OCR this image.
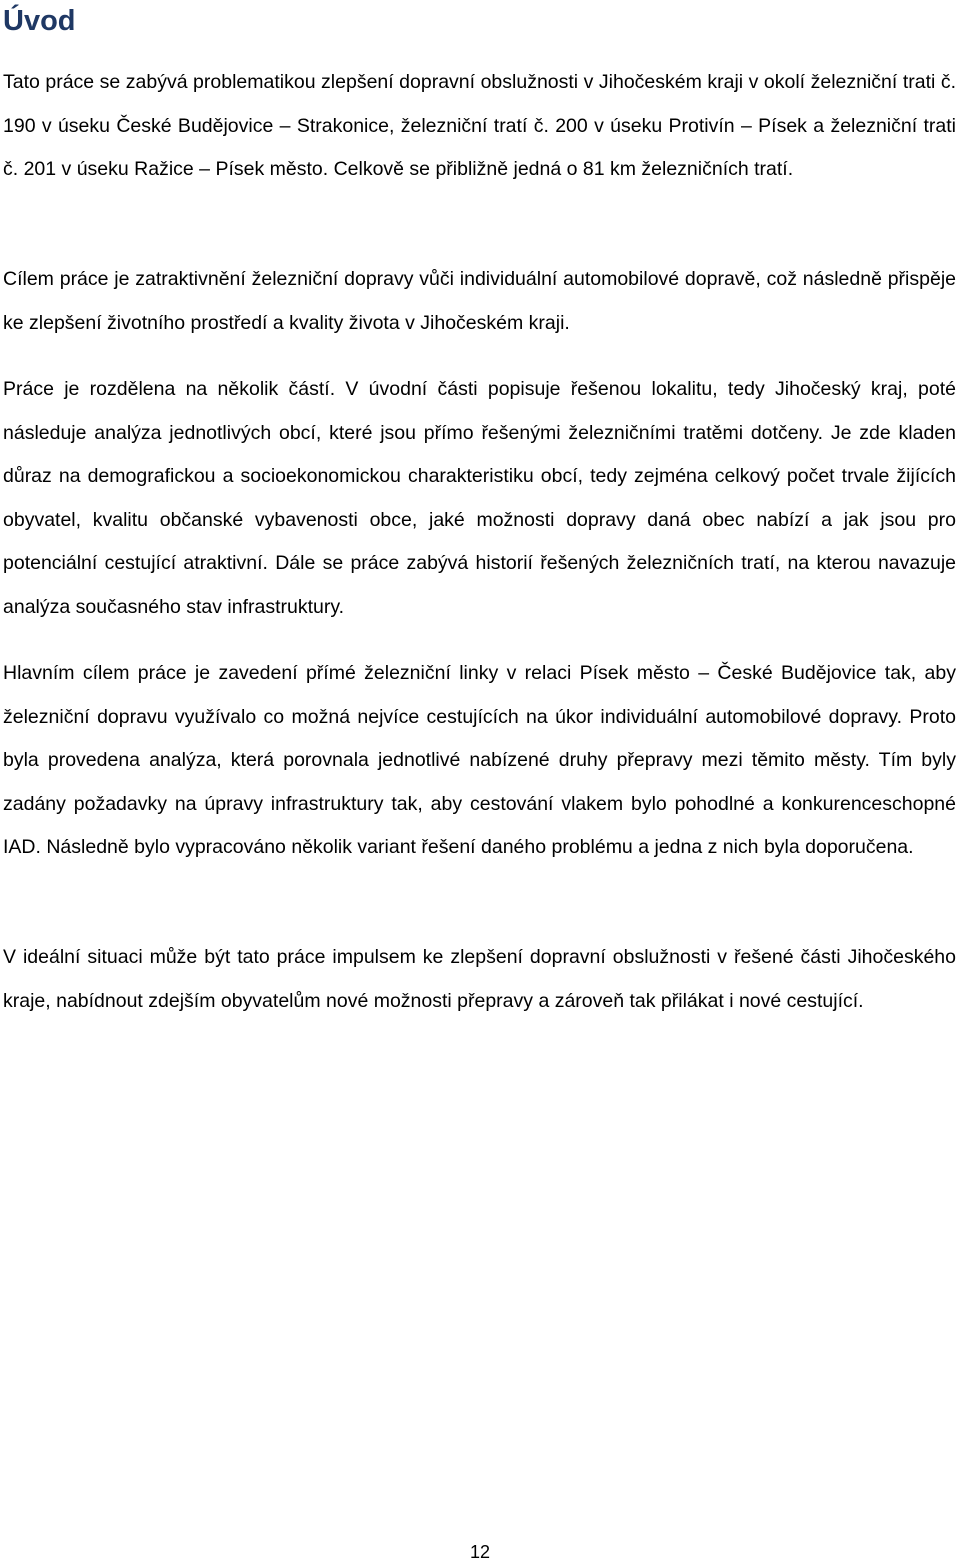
Úvod

Tato práce se zabývá problematikou zlepšení dopravní obslužnosti v Jihočeském kraji v okolí železniční trati č. 190 v úseku České Budějovice – Strakonice, železniční tratí č. 200 v úseku Protivín – Písek a železniční trati č. 201 v úseku Ražice – Písek město. Celkově se přibližně jedná o 81 km železničních tratí.

Cílem práce je zatraktivnění železniční dopravy vůči individuální automobilové dopravě, což následně přispěje ke zlepšení životního prostředí a kvality života v Jihočeském kraji.

Práce je rozdělena na několik částí. V úvodní části popisuje řešenou lokalitu, tedy Jihočeský kraj, poté následuje analýza jednotlivých obcí, které jsou přímo řešenými železničními tratěmi dotčeny. Je zde kladen důraz na demografickou a socioekonomickou charakteristiku obcí, tedy zejména celkový počet trvale žijících obyvatel, kvalitu občanské vybavenosti obce, jaké možnosti dopravy daná obec nabízí a jak jsou pro potenciální cestující atraktivní. Dále se práce zabývá historií řešených železničních tratí, na kterou navazuje analýza současného stav infrastruktury.

Hlavním cílem práce je zavedení přímé železniční linky v relaci Písek město – České Budějovice tak, aby železniční dopravu využívalo co možná nejvíce cestujících na úkor individuální automobilové dopravy. Proto byla provedena analýza, která porovnala jednotlivé nabízené druhy přepravy mezi těmito městy. Tím byly zadány požadavky na úpravy infrastruktury tak, aby cestování vlakem bylo pohodlné a konkurenceschopné IAD. Následně bylo vypracováno několik variant řešení daného problému a jedna z nich byla doporučena.

V ideální situaci může být tato práce impulsem ke zlepšení dopravní obslužnosti v řešené části Jihočeského kraje, nabídnout zdejším obyvatelům nové možnosti přepravy a zároveň tak přilákat i nové cestující.

12
